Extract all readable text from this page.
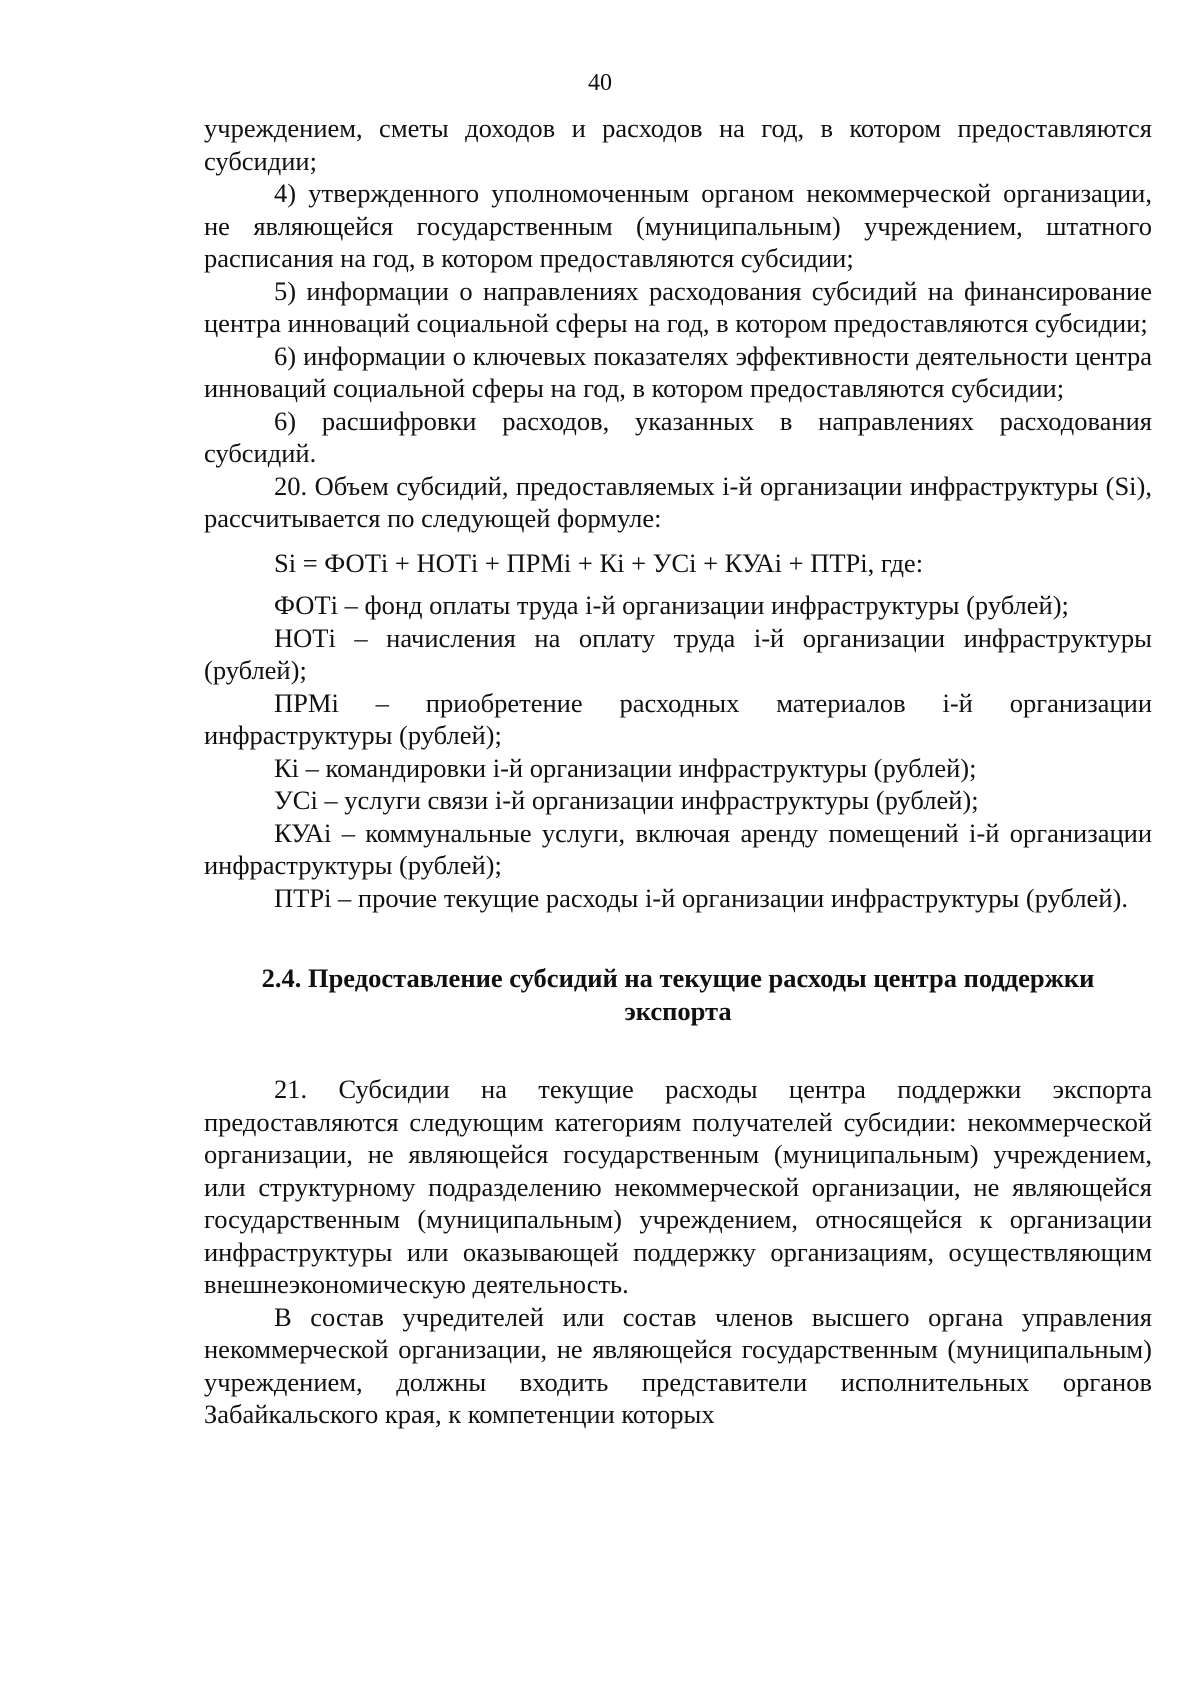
40

учреждением, сметы доходов и расходов на год, в котором предоставляются субсидии;

4) утвержденного уполномоченным органом некоммерческой организации, не являющейся государственным (муниципальным) учреждением, штатного расписания на год, в котором предоставляются субсидии;

5) информации о направлениях расходования субсидий на финансирование центра инноваций социальной сферы на год, в котором предоставляются субсидии;

6) информации о ключевых показателях эффективности деятельности центра инноваций социальной сферы на год, в котором предоставляются субсидии;

6) расшифровки расходов, указанных в направлениях расходования субсидий.

20. Объем субсидий, предоставляемых i-й организации инфраструктуры (Si), рассчитывается по следующей формуле:

Si = ФОТi + НОТi + ПРМi + Кi + УСi + КУАi + ПТРi, где:

ФОТi – фонд оплаты труда i-й организации инфраструктуры (рублей);

НОТi – начисления на оплату труда i-й организации инфраструктуры (рублей);

ПРМi – приобретение расходных материалов i-й организации инфраструктуры (рублей);

Кi – командировки i-й организации инфраструктуры (рублей);

УСi – услуги связи i-й организации инфраструктуры (рублей);

КУАi – коммунальные услуги, включая аренду помещений i-й организации инфраструктуры (рублей);

ПТРi – прочие текущие расходы i-й организации инфраструктуры (рублей).

2.4. Предоставление субсидий на текущие расходы центра поддержки экспорта

21. Субсидии на текущие расходы центра поддержки экспорта предоставляются следующим категориям получателей субсидии: некоммерческой организации, не являющейся государственным (муниципальным) учреждением, или структурному подразделению некоммерческой организации, не являющейся государственным (муниципальным) учреждением, относящейся к организации инфраструктуры или оказывающей поддержку организациям, осуществляющим внешнеэкономическую деятельность.

В состав учредителей или состав членов высшего органа управления некоммерческой организации, не являющейся государственным (муниципальным) учреждением, должны входить представители исполнительных органов Забайкальского края, к компетенции которых
